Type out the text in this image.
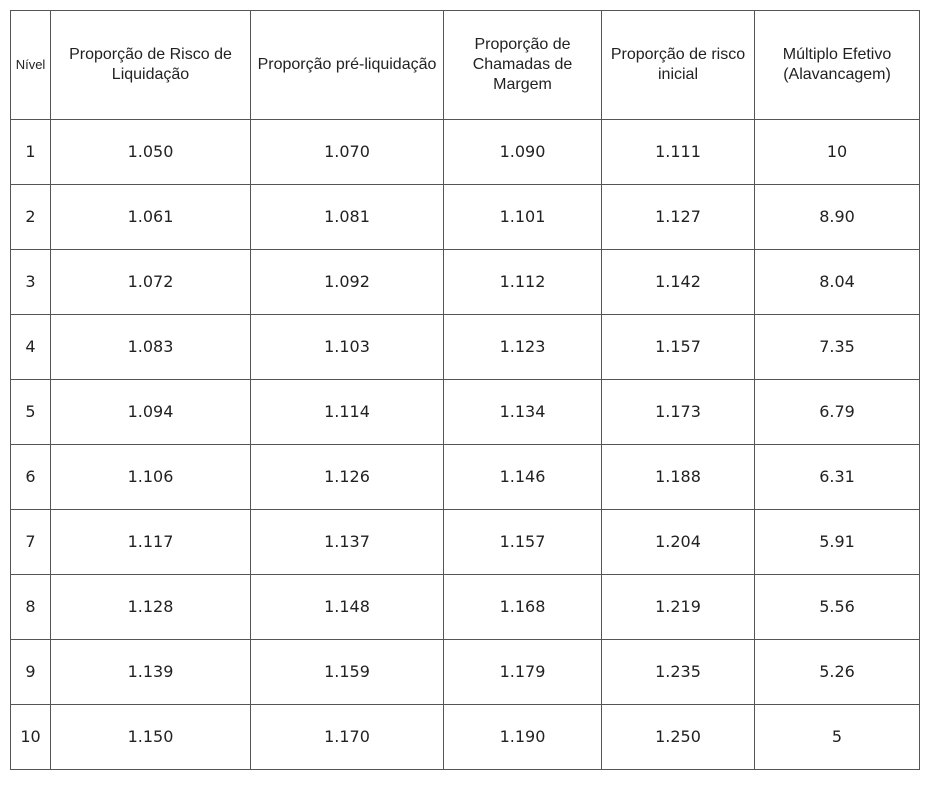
Nível	Proporção de Risco de Liquidação	Proporção pré-liquidação	Proporção de Chamadas de Margem	Proporção de risco inicial	Múltiplo Efetivo (Alavancagem)
1	1.050	1.070	1.090	1.111	10
2	1.061	1.081	1.101	1.127	8.90
3	1.072	1.092	1.112	1.142	8.04
4	1.083	1.103	1.123	1.157	7.35
5	1.094	1.114	1.134	1.173	6.79
6	1.106	1.126	1.146	1.188	6.31
7	1.117	1.137	1.157	1.204	5.91
8	1.128	1.148	1.168	1.219	5.56
9	1.139	1.159	1.179	1.235	5.26
10	1.150	1.170	1.190	1.250	5
